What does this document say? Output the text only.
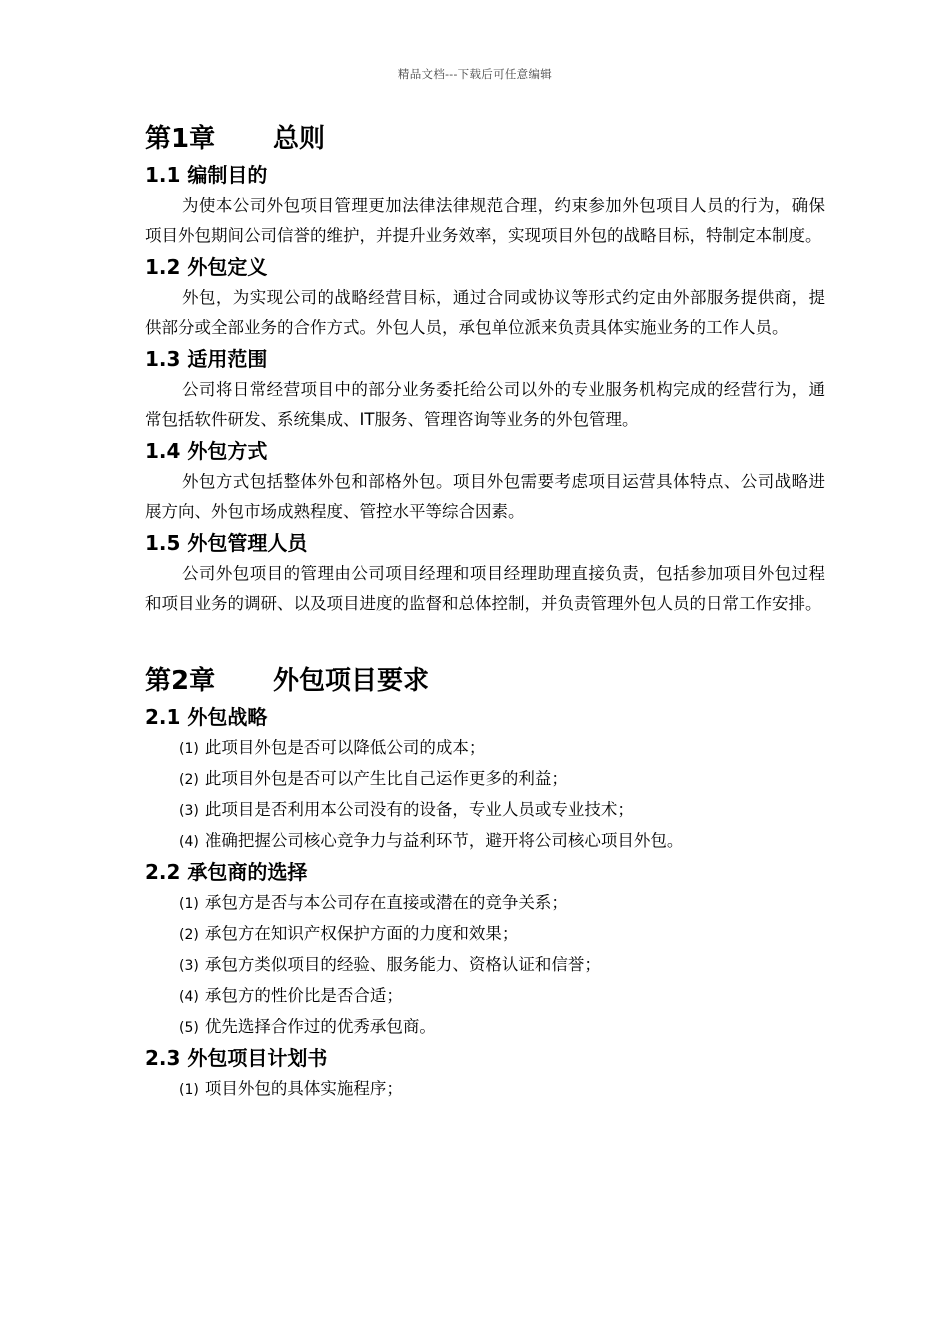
精品文档---下载后可任意编辑
第1章	总则
1.1 编制目的

为使本公司外包项目管理更加法律法律规范合理，约束参加外包项目人员的行为，确保项目外包期间公司信誉的维护，并提升业务效率，实现项目外包的战略目标，特制定本制度。

1.2 外包定义

外包，为实现公司的战略经营目标，通过合同或协议等形式约定由外部服务提供商，提供部分或全部业务的合作方式。外包人员，承包单位派来负责具体实施业务的工作人员。

1.3 适用范围

公司将日常经营项目中的部分业务委托给公司以外的专业服务机构完成的经营行为，通常包括软件研发、系统集成、IT服务、管理咨询等业务的外包管理。

1.4 外包方式

外包方式包括整体外包和部格外包。项目外包需要考虑项目运营具体特点、公司战略进展方向、外包市场成熟程度、管控水平等综合因素。

1.5 外包管理人员

公司外包项目的管理由公司项目经理和项目经理助理直接负责，包括参加项目外包过程和项目业务的调研、以及项目进度的监督和总体控制，并负责管理外包人员的日常工作安排。

第2章	外包项目要求
2.1 外包战略
(1) 此项目外包是否可以降低公司的成本；
(2) 此项目外包是否可以产生比自己运作更多的利益；
(3) 此项目是否利用本公司没有的设备，专业人员或专业技术；
(4) 准确把握公司核心竞争力与益利环节，避开将公司核心项目外包。
2.2 承包商的选择
(1) 承包方是否与本公司存在直接或潜在的竞争关系；
(2) 承包方在知识产权保护方面的力度和效果；
(3) 承包方类似项目的经验、服务能力、资格认证和信誉；
(4) 承包方的性价比是否合适；
(5) 优先选择合作过的优秀承包商。
2.3 外包项目计划书
(1) 项目外包的具体实施程序；
